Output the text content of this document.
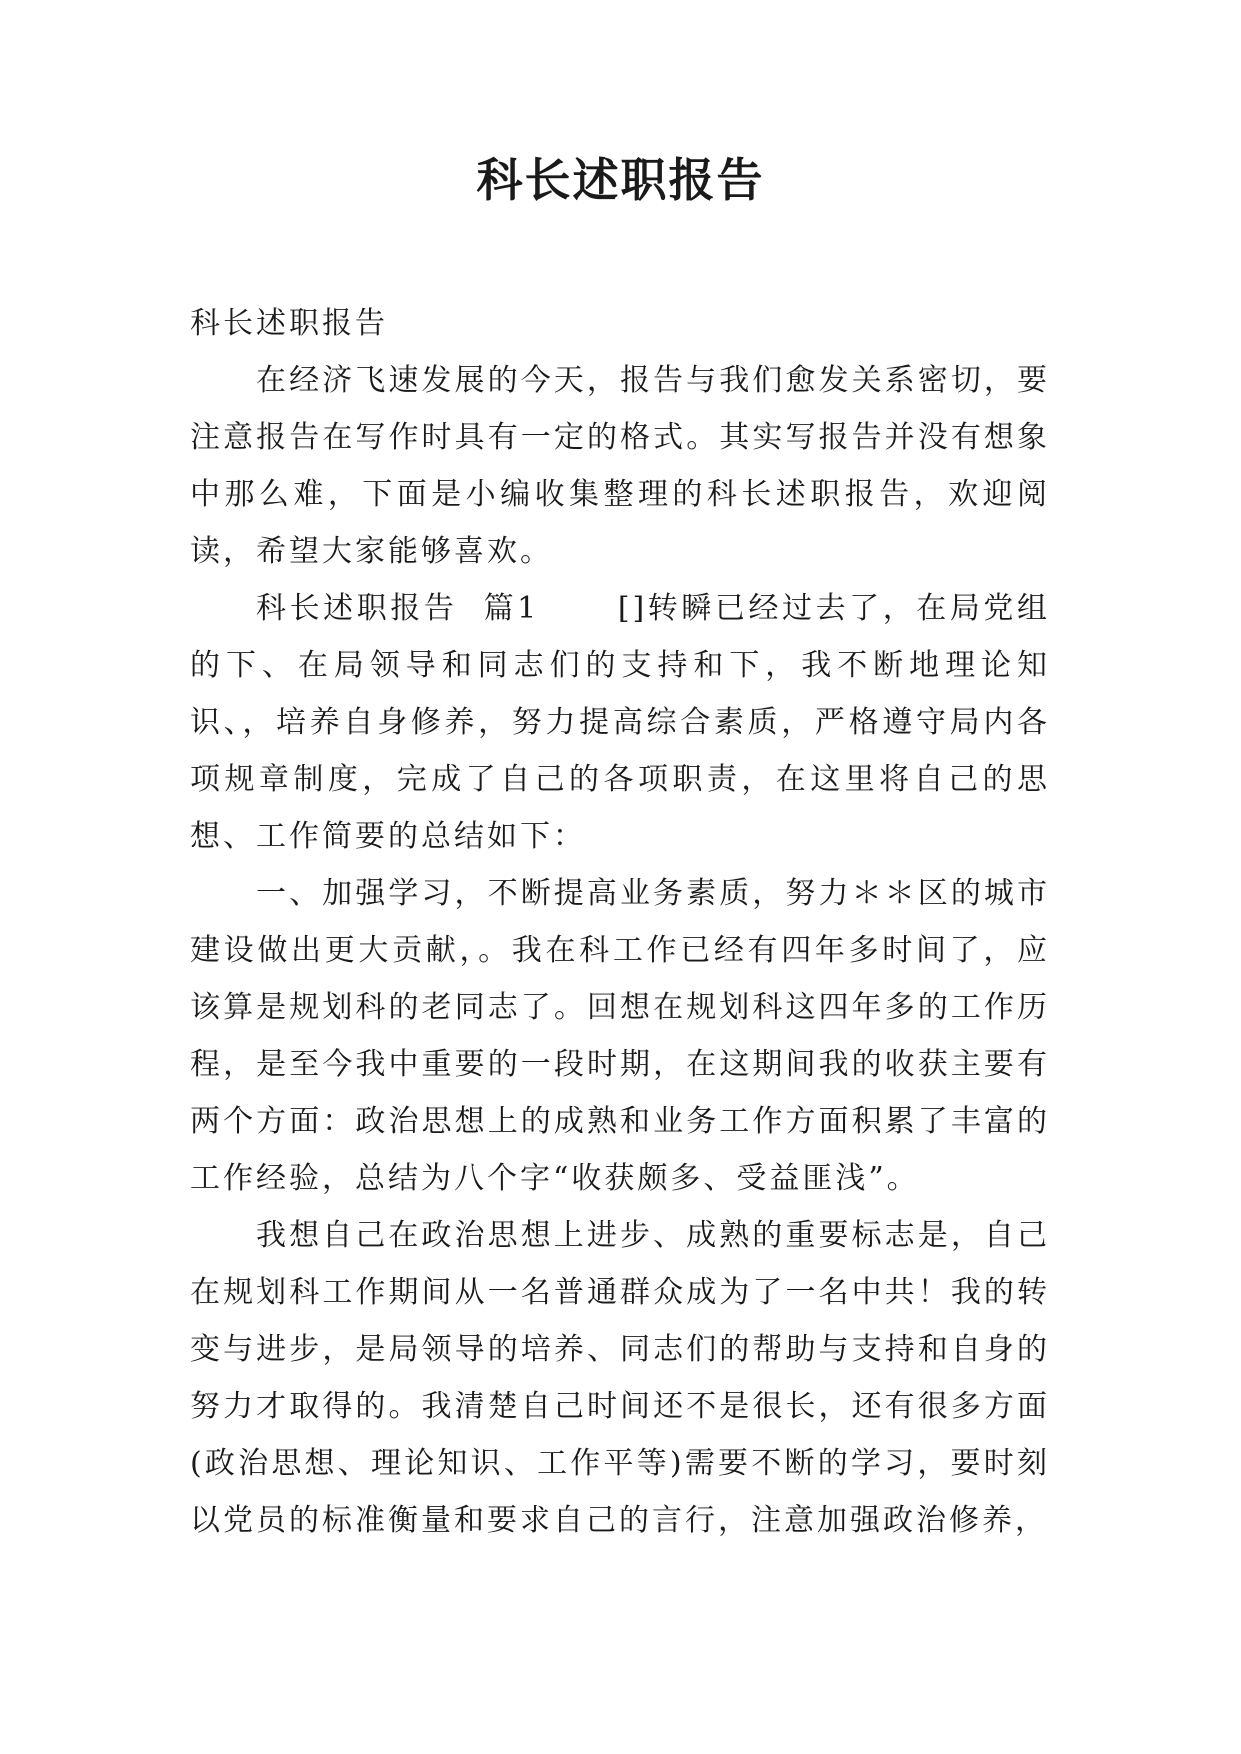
科长述职报告

科长述职报告

在经济飞速发展的今天，报告与我们愈发关系密切，要注意报告在写作时具有一定的格式。其实写报告并没有想象中那么难，下面是小编收集整理的科长述职报告，欢迎阅读，希望大家能够喜欢。

科长述职报告  篇1      []转瞬已经过去了，在局党组的下、在局领导和同志们的支持和下，我不断地理论知识、，培养自身修养，努力提高综合素质，严格遵守局内各项规章制度，完成了自己的各项职责，在这里将自己的思想、工作简要的总结如下：

一、加强学习，不断提高业务素质，努力＊＊区的城市建设做出更大贡献，。我在科工作已经有四年多时间了，应该算是规划科的老同志了。回想在规划科这四年多的工作历程，是至今我中重要的一段时期，在这期间我的收获主要有两个方面：政治思想上的成熟和业务工作方面积累了丰富的工作经验，总结为八个字“收获颇多、受益匪浅”。

我想自己在政治思想上进步、成熟的重要标志是，自己在规划科工作期间从一名普通群众成为了一名中共！我的转变与进步，是局领导的培养、同志们的帮助与支持和自身的努力才取得的。我清楚自己时间还不是很长，还有很多方面(政治思想、理论知识、工作平等)需要不断的学习，要时刻以党员的标准衡量和要求自己的言行，注意加强政治修养，
